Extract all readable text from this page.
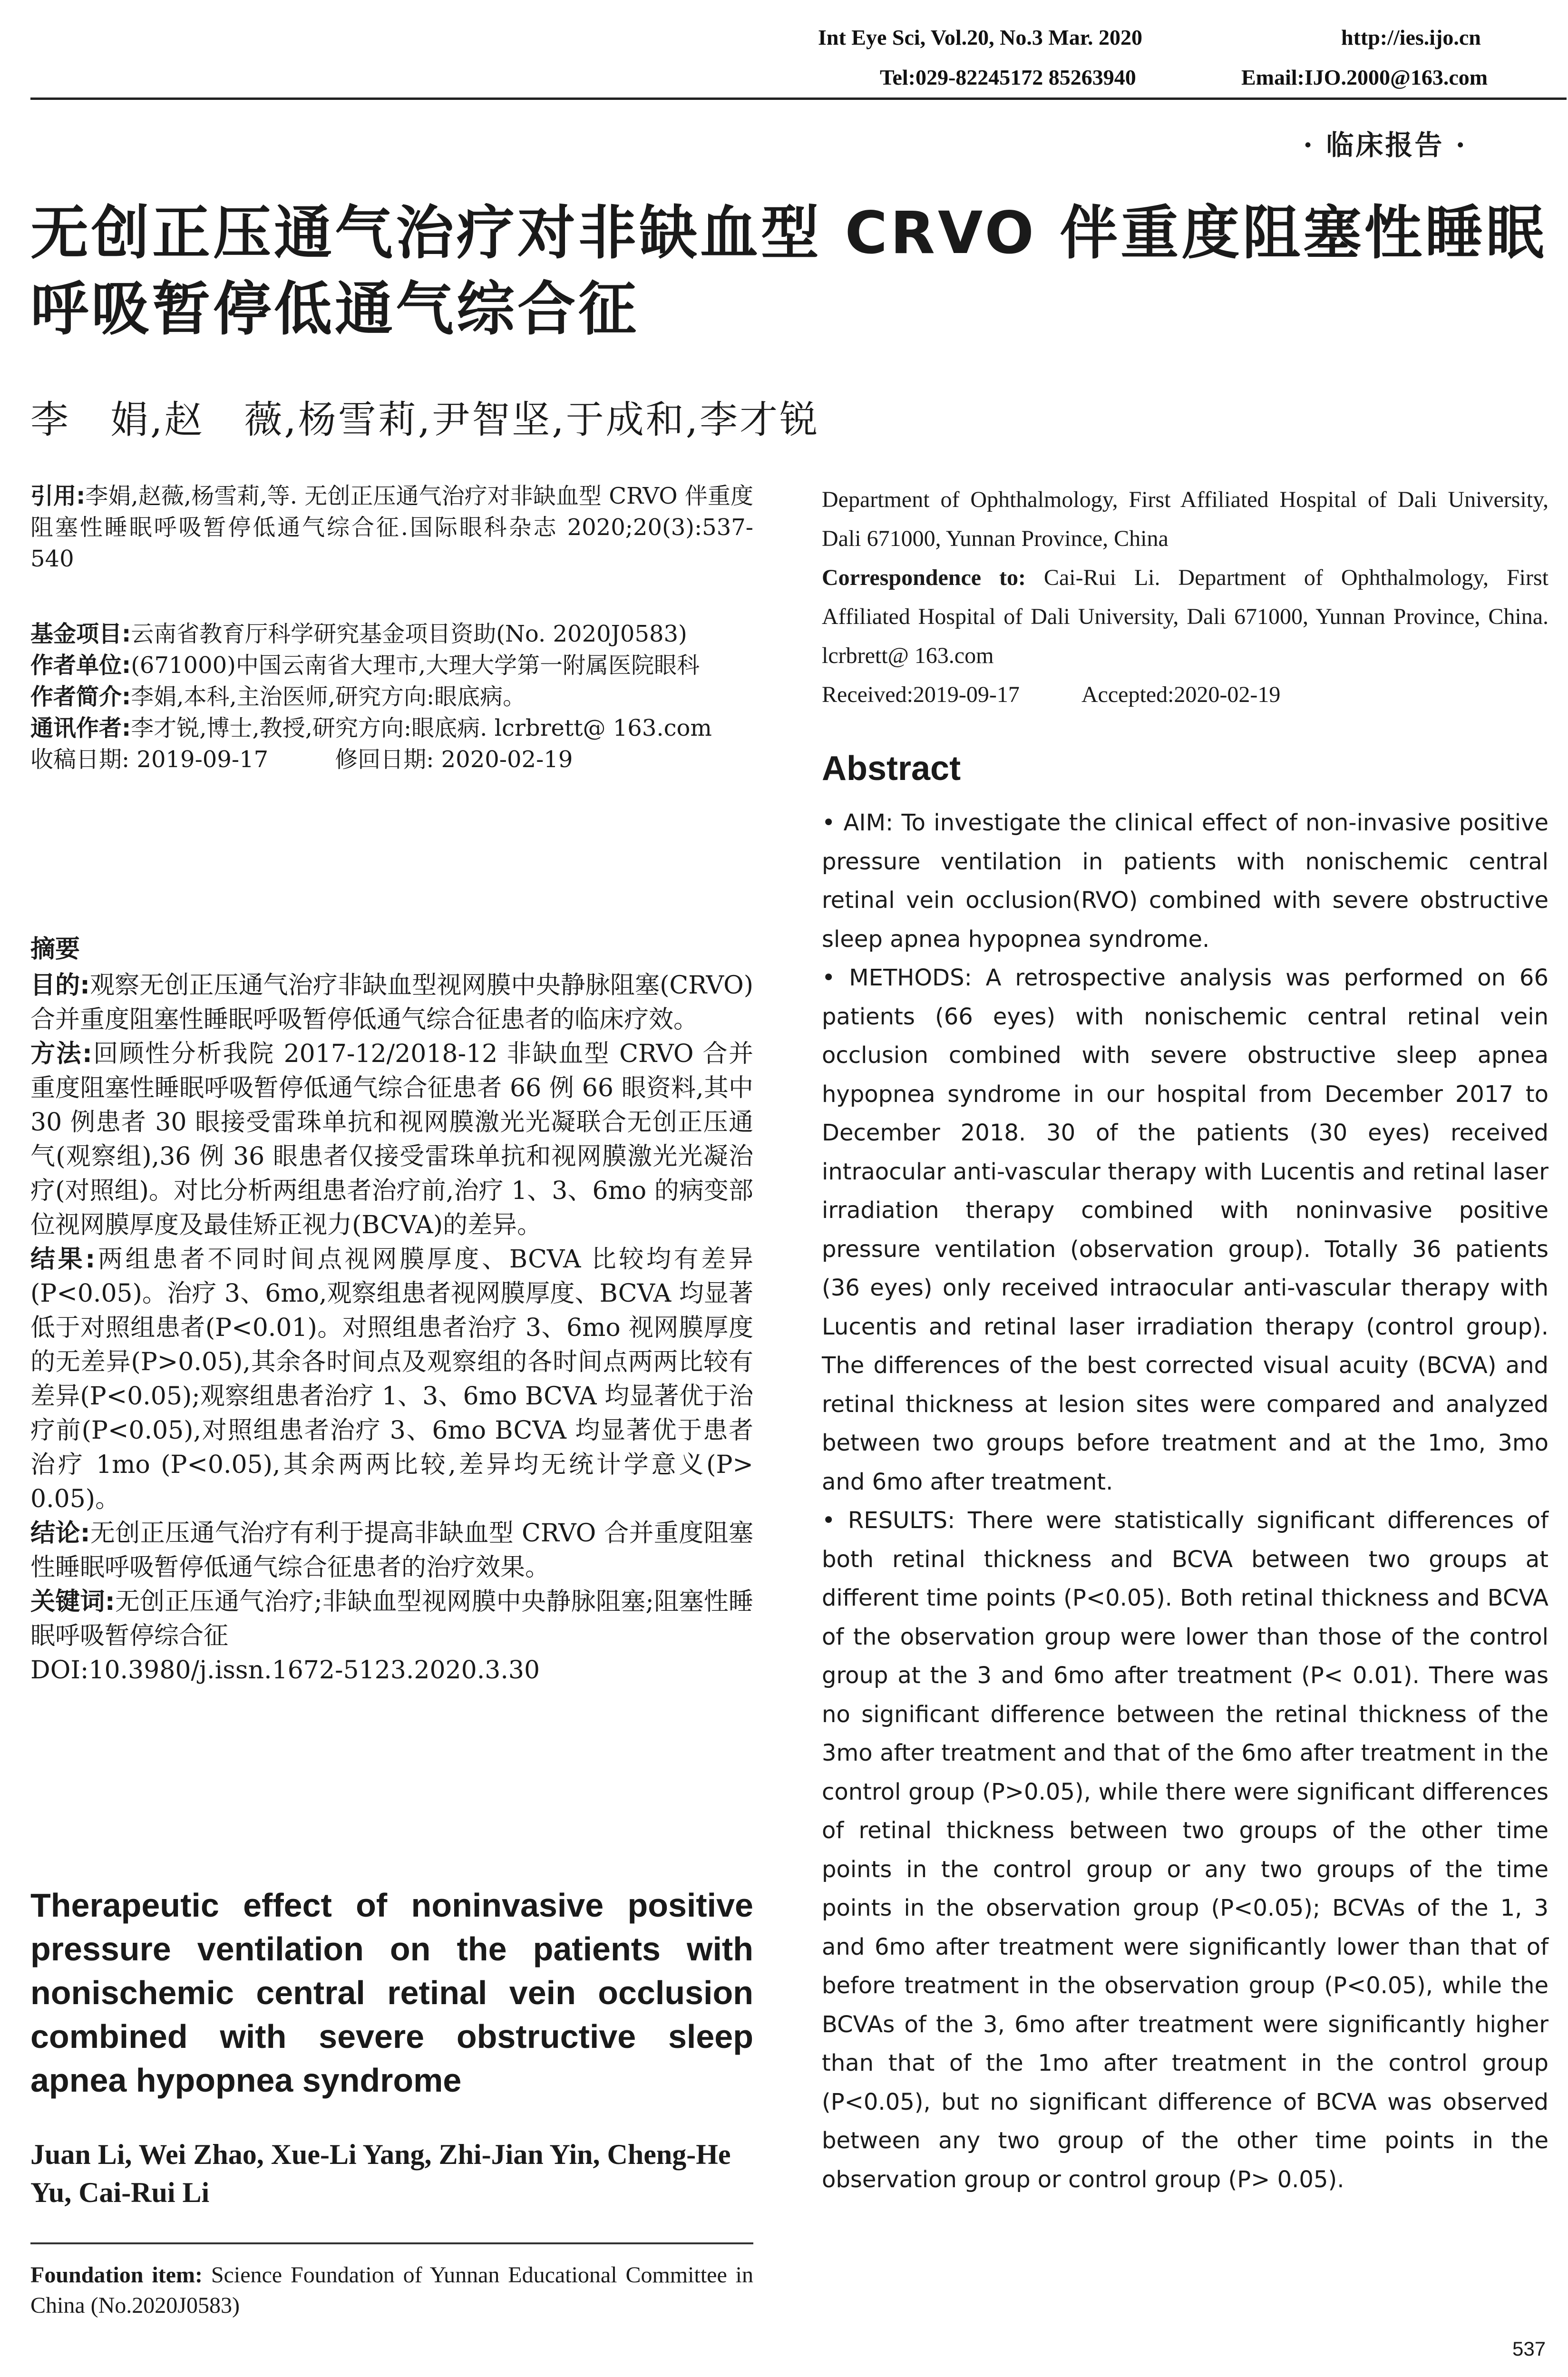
Int Eye Sci, Vol.20, No.3 Mar. 2020	http://ies.ijo.cn
Tel:029-82245172 85263940	Email:IJO.2000@163.com
· 临床报告 ·
无创正压通气治疗对非缺血型 CRVO 伴重度阻塞性睡眠
呼吸暂停低通气综合征
李　娟,赵　薇,杨雪莉,尹智坚,于成和,李才锐
引用:李娟,赵薇,杨雪莉,等. 无创正压通气治疗对非缺血型 CRVO 伴重度阻塞性睡眠呼吸暂停低通气综合征.国际眼科杂志 2020;20(3):537-540
基金项目:云南省教育厅科学研究基金项目资助(No. 2020J0583)
作者单位:(671000)中国云南省大理市,大理大学第一附属医院眼科
作者简介:李娟,本科,主治医师,研究方向:眼底病。
通讯作者:李才锐,博士,教授,研究方向:眼底病. lcrbrett@ 163.com
收稿日期: 2019-09-17	修回日期: 2020-02-19
摘要

目的:观察无创正压通气治疗非缺血型视网膜中央静脉阻塞(CRVO)合并重度阻塞性睡眠呼吸暂停低通气综合征患者的临床疗效。

方法:回顾性分析我院 2017-12/2018-12 非缺血型 CRVO 合并重度阻塞性睡眠呼吸暂停低通气综合征患者 66 例 66 眼资料,其中 30 例患者 30 眼接受雷珠单抗和视网膜激光光凝联合无创正压通气(观察组),36 例 36 眼患者仅接受雷珠单抗和视网膜激光光凝治疗(对照组)。对比分析两组患者治疗前,治疗 1、3、6mo 的病变部位视网膜厚度及最佳矫正视力(BCVA)的差异。

结果:两组患者不同时间点视网膜厚度、BCVA 比较均有差异(P<0.05)。治疗 3、6mo,观察组患者视网膜厚度、BCVA 均显著低于对照组患者(P<0.01)。对照组患者治疗 3、6mo 视网膜厚度的无差异(P>0.05),其余各时间点及观察组的各时间点两两比较有差异(P<0.05);观察组患者治疗 1、3、6mo BCVA 均显著优于治疗前(P<0.05),对照组患者治疗 3、6mo BCVA 均显著优于患者治疗 1mo (P<0.05),其余两两比较,差异均无统计学意义(P> 0.05)。

结论:无创正压通气治疗有利于提高非缺血型 CRVO 合并重度阻塞性睡眠呼吸暂停低通气综合征患者的治疗效果。

关键词:无创正压通气治疗;非缺血型视网膜中央静脉阻塞;阻塞性睡眠呼吸暂停综合征

DOI:10.3980/j.issn.1672-5123.2020.3.30

Therapeutic effect of noninvasive positive pressure ventilation on the patients with nonischemic central retinal vein occlusion combined with severe obstructive sleep apnea hypopnea syndrome
Juan Li, Wei Zhao, Xue-Li Yang, Zhi-Jian Yin, Cheng-He Yu, Cai-Rui Li
Foundation item: Science Foundation of Yunnan Educational Committee in China (No.2020J0583)
Department of Ophthalmology, First Affiliated Hospital of Dali University, Dali 671000, Yunnan Province, China
Correspondence to: Cai-Rui Li. Department of Ophthalmology, First Affiliated Hospital of Dali University, Dali 671000, Yunnan Province, China. lcrbrett@ 163.com
Received:2019-09-17	Accepted:2020-02-19
Abstract

• AIM: To investigate the clinical effect of non-invasive positive pressure ventilation in patients with nonischemic central retinal vein occlusion(RVO) combined with severe obstructive sleep apnea hypopnea syndrome.

• METHODS: A retrospective analysis was performed on 66 patients (66 eyes) with nonischemic central retinal vein occlusion combined with severe obstructive sleep apnea hypopnea syndrome in our hospital from December 2017 to December 2018. 30 of the patients (30 eyes) received intraocular anti-vascular therapy with Lucentis and retinal laser irradiation therapy combined with noninvasive positive pressure ventilation (observation group). Totally 36 patients (36 eyes) only received intraocular anti-vascular therapy with Lucentis and retinal laser irradiation therapy (control group). The differences of the best corrected visual acuity (BCVA) and retinal thickness at lesion sites were compared and analyzed between two groups before treatment and at the 1mo, 3mo and 6mo after treatment.

• RESULTS: There were statistically significant differences of both retinal thickness and BCVA between two groups at different time points (P<0.05). Both retinal thickness and BCVA of the observation group were lower than those of the control group at the 3 and 6mo after treatment (P< 0.01). There was no significant difference between the retinal thickness of the 3mo after treatment and that of the 6mo after treatment in the control group (P>0.05), while there were significant differences of retinal thickness between two groups of the other time points in the control group or any two groups of the time points in the observation group (P<0.05); BCVAs of the 1, 3 and 6mo after treatment were significantly lower than that of before treatment in the observation group (P<0.05), while the BCVAs of the 3, 6mo after treatment were significantly higher than that of the 1mo after treatment in the control group (P<0.05), but no significant difference of BCVA was observed between any two group of the other time points in the observation group or control group (P> 0.05).

537
